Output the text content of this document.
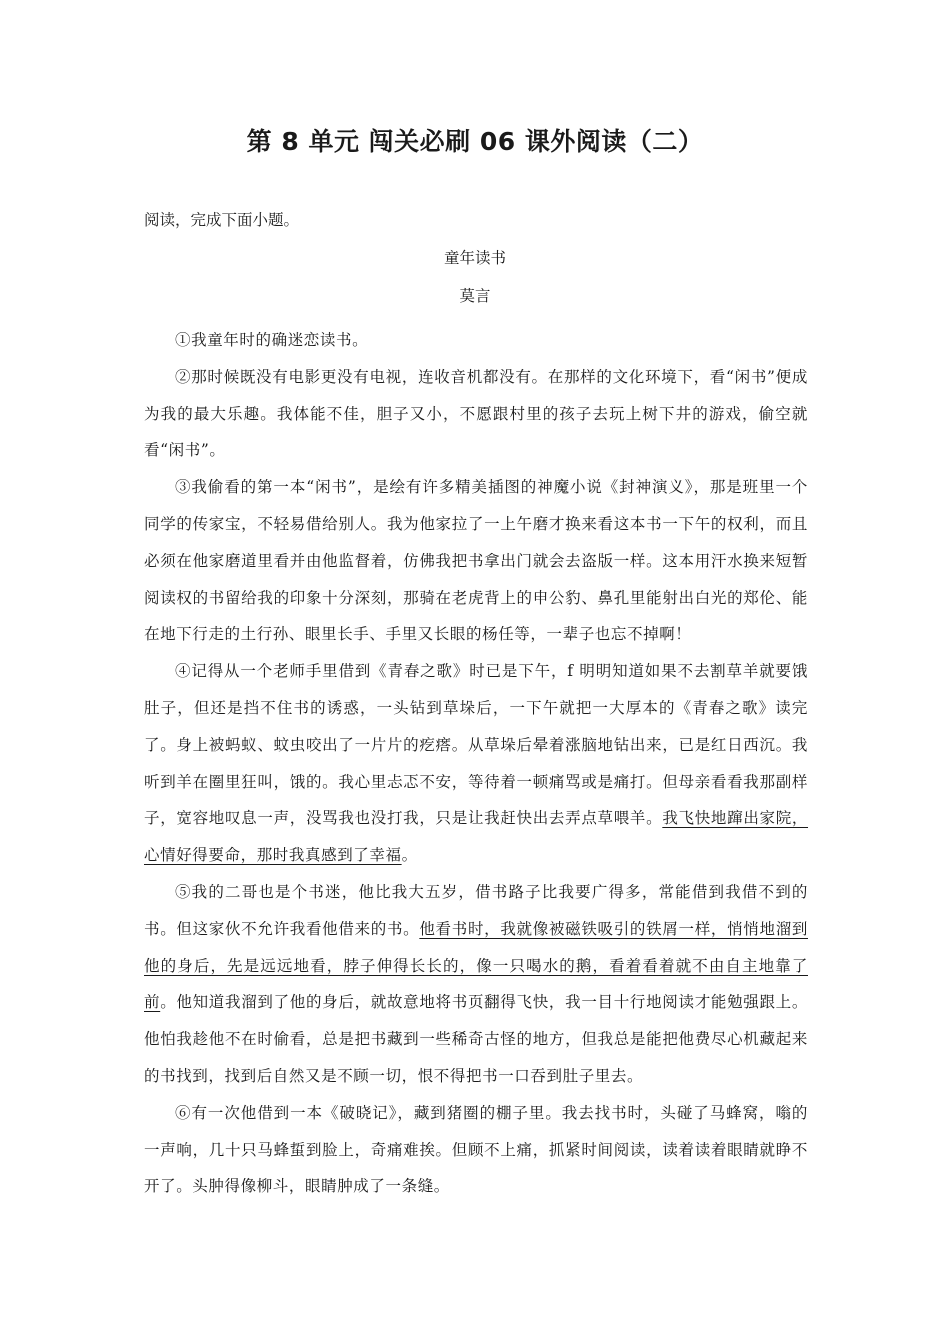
第 8 单元 闯关必刷 06 课外阅读（二）

阅读，完成下面小题。

童年读书

莫言

①我童年时的确迷恋读书。

②那时候既没有电影更没有电视，连收音机都没有。在那样的文化环境下，看“闲书”便成为我的最大乐趣。我体能不佳，胆子又小，不愿跟村里的孩子去玩上树下井的游戏，偷空就看“闲书”。

③我偷看的第一本“闲书”，是绘有许多精美插图的神魔小说《封神演义》，那是班里一个同学的传家宝，不轻易借给别人。我为他家拉了一上午磨才换来看这本书一下午的权利，而且必须在他家磨道里看并由他监督着，仿佛我把书拿出门就会去盗版一样。这本用汗水换来短暂阅读权的书留给我的印象十分深刻，那骑在老虎背上的申公豹、鼻孔里能射出白光的郑伦、能在地下行走的土行孙、眼里长手、手里又长眼的杨任等，一辈子也忘不掉啊！

④记得从一个老师手里借到《青春之歌》时已是下午，f 明明知道如果不去割草羊就要饿肚子，但还是挡不住书的诱惑，一头钻到草垛后，一下午就把一大厚本的《青春之歌》读完了。身上被蚂蚁、蚊虫咬出了一片片的疙瘩。从草垛后晕着涨脑地钻出来，已是红日西沉。我听到羊在圈里狂叫，饿的。我心里忐忑不安，等待着一顿痛骂或是痛打。但母亲看看我那副样子，宽容地叹息一声，没骂我也没打我，只是让我赶快出去弄点草喂羊。我飞快地蹿出家院，心情好得要命，那时我真感到了幸福。

⑤我的二哥也是个书迷，他比我大五岁，借书路子比我要广得多，常能借到我借不到的书。但这家伙不允许我看他借来的书。他看书时，我就像被磁铁吸引的铁屑一样，悄悄地溜到他的身后，先是远远地看，脖子伸得长长的，像一只喝水的鹅，看着看着就不由自主地靠了前。他知道我溜到了他的身后，就故意地将书页翻得飞快，我一目十行地阅读才能勉强跟上。他怕我趁他不在时偷看，总是把书藏到一些稀奇古怪的地方，但我总是能把他费尽心机藏起来的书找到，找到后自然又是不顾一切，恨不得把书一口吞到肚子里去。

⑥有一次他借到一本《破晓记》，藏到猪圈的棚子里。我去找书时，头碰了马蜂窝，嗡的一声响，几十只马蜂蜇到脸上，奇痛难挨。但顾不上痛，抓紧时间阅读，读着读着眼睛就睁不开了。头肿得像柳斗，眼睛肿成了一条缝。
